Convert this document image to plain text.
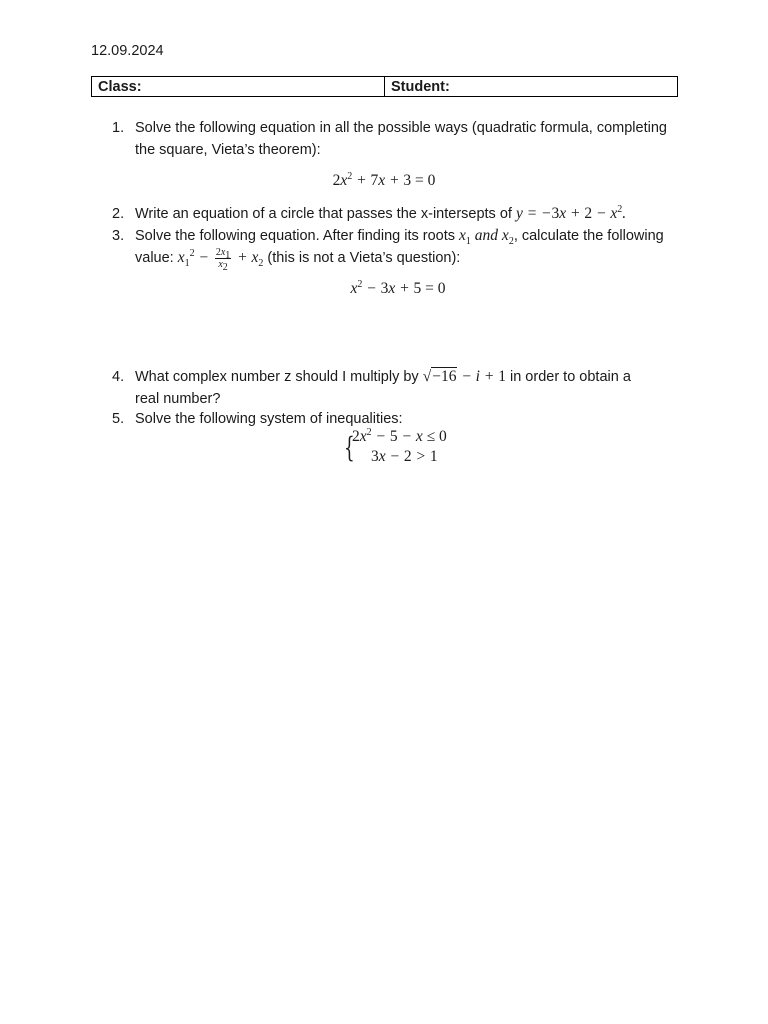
12.09.2024
Class:	Student:
1. Solve the following equation in all the possible ways (quadratic formula, completing the square, Vieta’s theorem):
$2x^2 + 7x + 3 = 0$
2. Write an equation of a circle that passes the x-intersepts of $y = -3x + 2 - x^2$.
3. Solve the following equation. After finding its roots $x_1$ and $x_2$, calculate the following
value: $x_1^2 - \frac{2x_1}{x_2} + x_2$ (this is not a Vieta’s question):
$x^2 - 3x + 5 = 0$
4. What complex number z should I multiply by √−16 − i + 1 in order to obtain a
real number?
5. Solve the following system of inequalities:
{
$2x^2 - 5 - x \le 0$
3x − 2 > 1
